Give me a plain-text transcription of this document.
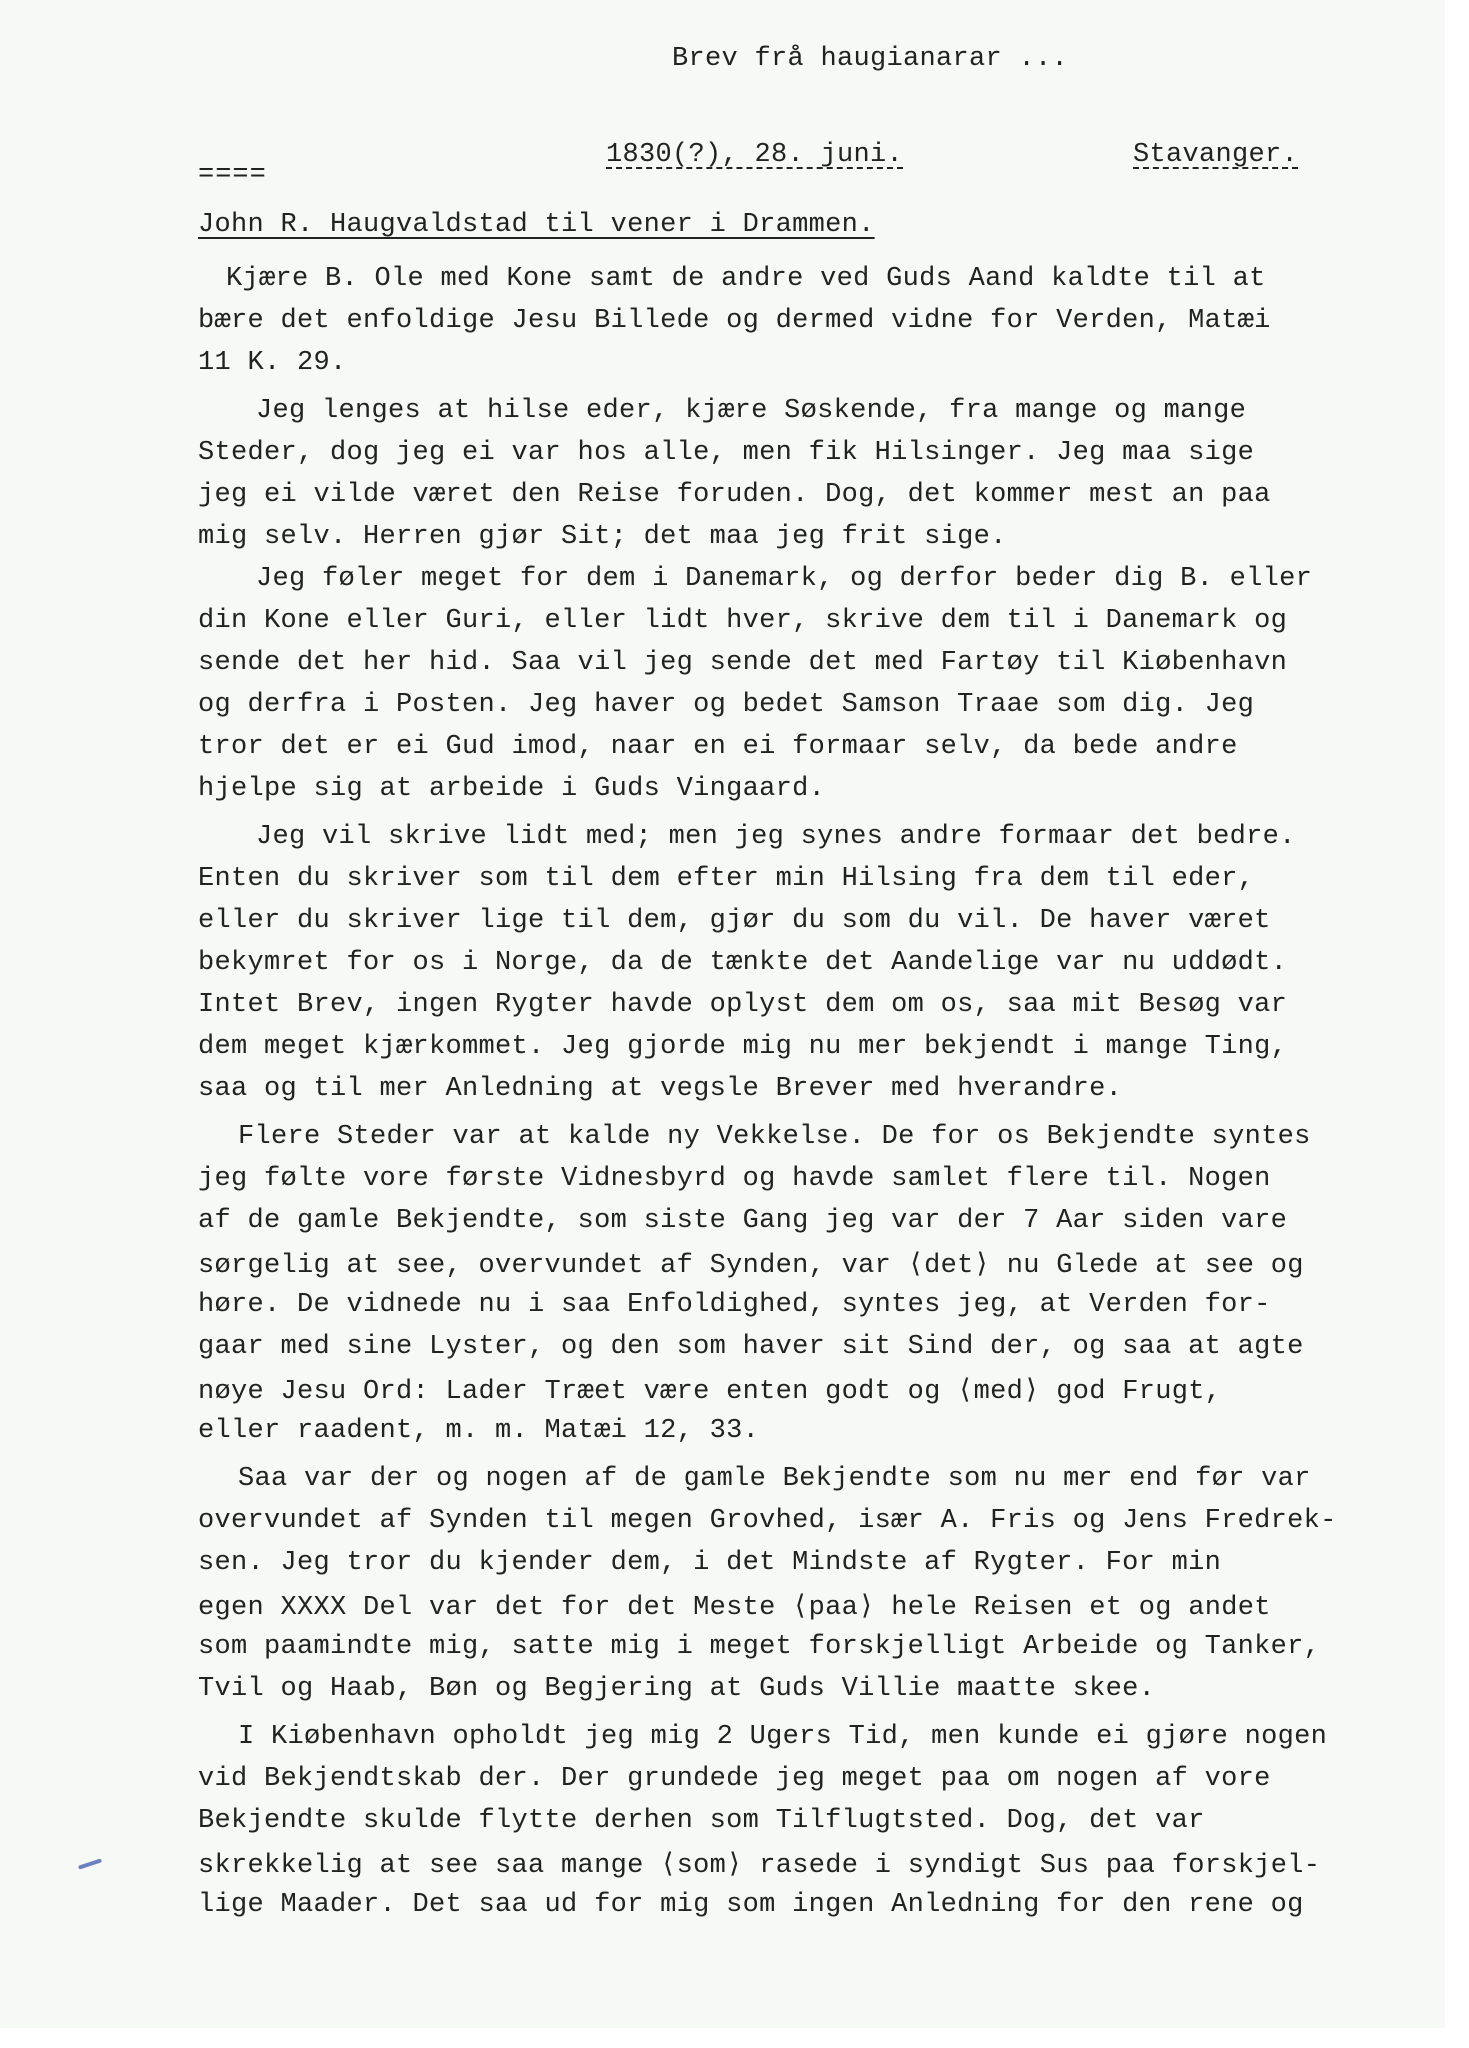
Brev frå haugianarar ...
====
1830(?), 28. juni.	Stavanger.
John R. Haugvaldstad til vener i Drammen.
Kjære B. Ole med Kone samt de andre ved Guds Aand kaldte til at
bære det enfoldige Jesu Billede og dermed vidne for Verden, Matæi
11 K. 29.
Jeg lenges at hilse eder, kjære Søskende, fra mange og mange
Steder, dog jeg ei var hos alle, men fik Hilsinger. Jeg maa sige
jeg ei vilde været den Reise foruden. Dog, det kommer mest an paa
mig selv. Herren gjør Sit; det maa jeg frit sige.
Jeg føler meget for dem i Danemark, og derfor beder dig B. eller
din Kone eller Guri, eller lidt hver, skrive dem til i Danemark og
sende det her hid. Saa vil jeg sende det med Fartøy til Kiøbenhavn
og derfra i Posten. Jeg haver og bedet Samson Traae som dig. Jeg
tror det er ei Gud imod, naar en ei formaar selv, da bede andre
hjelpe sig at arbeide i Guds Vingaard.
Jeg vil skrive lidt med; men jeg synes andre formaar det bedre.
Enten du skriver som til dem efter min Hilsing fra dem til eder,
eller du skriver lige til dem, gjør du som du vil. De haver været
bekymret for os i Norge, da de tænkte det Aandelige var nu uddødt.
Intet Brev, ingen Rygter havde oplyst dem om os, saa mit Besøg var
dem meget kjærkommet. Jeg gjorde mig nu mer bekjendt i mange Ting,
saa og til mer Anledning at vegsle Brever med hverandre.
Flere Steder var at kalde ny Vekkelse. De for os Bekjendte syntes
jeg følte vore første Vidnesbyrd og havde samlet flere til. Nogen
af de gamle Bekjendte, som siste Gang jeg var der 7 Aar siden vare
sørgelig at see, overvundet af Synden, var ⟨det⟩ nu Glede at see og
høre. De vidnede nu i saa Enfoldighed, syntes jeg, at Verden for-
gaar med sine Lyster, og den som haver sit Sind der, og saa at agte
nøye Jesu Ord: Lader Træet være enten godt og ⟨med⟩ god Frugt,
eller raadent, m. m. Matæi 12, 33.
Saa var der og nogen af de gamle Bekjendte som nu mer end før var
overvundet af Synden til megen Grovhed, især A. Fris og Jens Fredrek-
sen. Jeg tror du kjender dem, i det Mindste af Rygter. For min
egen XXXX Del var det for det Meste ⟨paa⟩ hele Reisen et og andet
som paamindte mig, satte mig i meget forskjelligt Arbeide og Tanker,
Tvil og Haab, Bøn og Begjering at Guds Villie maatte skee.
I Kiøbenhavn opholdt jeg mig 2 Ugers Tid, men kunde ei gjøre nogen
vid Bekjendtskab der. Der grundede jeg meget paa om nogen af vore
Bekjendte skulde flytte derhen som Tilflugtsted. Dog, det var
skrekkelig at see saa mange ⟨som⟩ rasede i syndigt Sus paa forskjel-
lige Maader. Det saa ud for mig som ingen Anledning for den rene og
